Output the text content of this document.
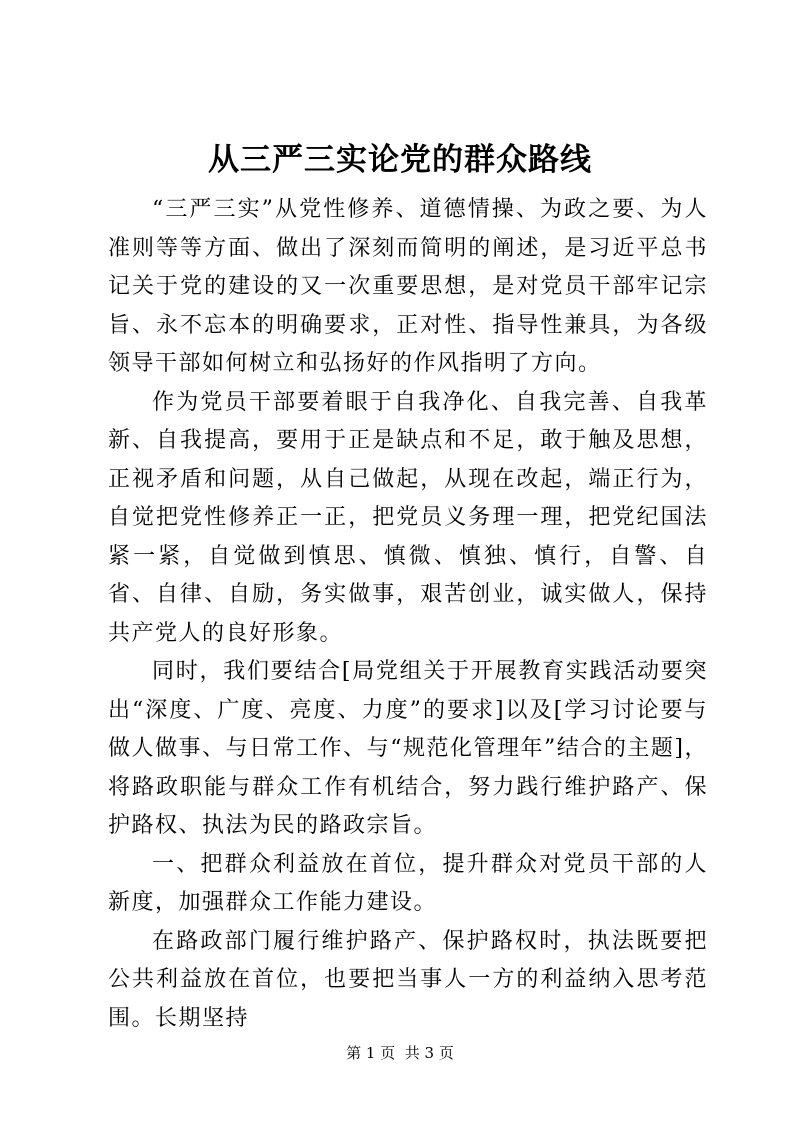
从三严三实论党的群众路线

“三严三实”从党性修养、道德情操、为政之要、为人准则等等方面、做出了深刻而简明的阐述，是习近平总书记关于党的建设的又一次重要思想，是对党员干部牢记宗旨、永不忘本的明确要求，正对性、指导性兼具，为各级领导干部如何树立和弘扬好的作风指明了方向。

作为党员干部要着眼于自我净化、自我完善、自我革新、自我提高，要用于正是缺点和不足，敢于触及思想，正视矛盾和问题，从自己做起，从现在改起，端正行为，自觉把党性修养正一正，把党员义务理一理，把党纪国法紧一紧，自觉做到慎思、慎微、慎独、慎行，自警、自省、自律、自励，务实做事，艰苦创业，诚实做人，保持共产党人的良好形象。

同时，我们要结合[局党组关于开展教育实践活动要突出“深度、广度、亮度、力度”的要求]以及[学习讨论要与做人做事、与日常工作、与“规范化管理年”结合的主题]，将路政职能与群众工作有机结合，努力践行维护路产、保护路权、执法为民的路政宗旨。

一、把群众利益放在首位，提升群众对党员干部的人新度，加强群众工作能力建设。

在路政部门履行维护路产、保护路权时，执法既要把公共利益放在首位，也要把当事人一方的利益纳入思考范围。长期坚持

第 1 页  共 3 页
